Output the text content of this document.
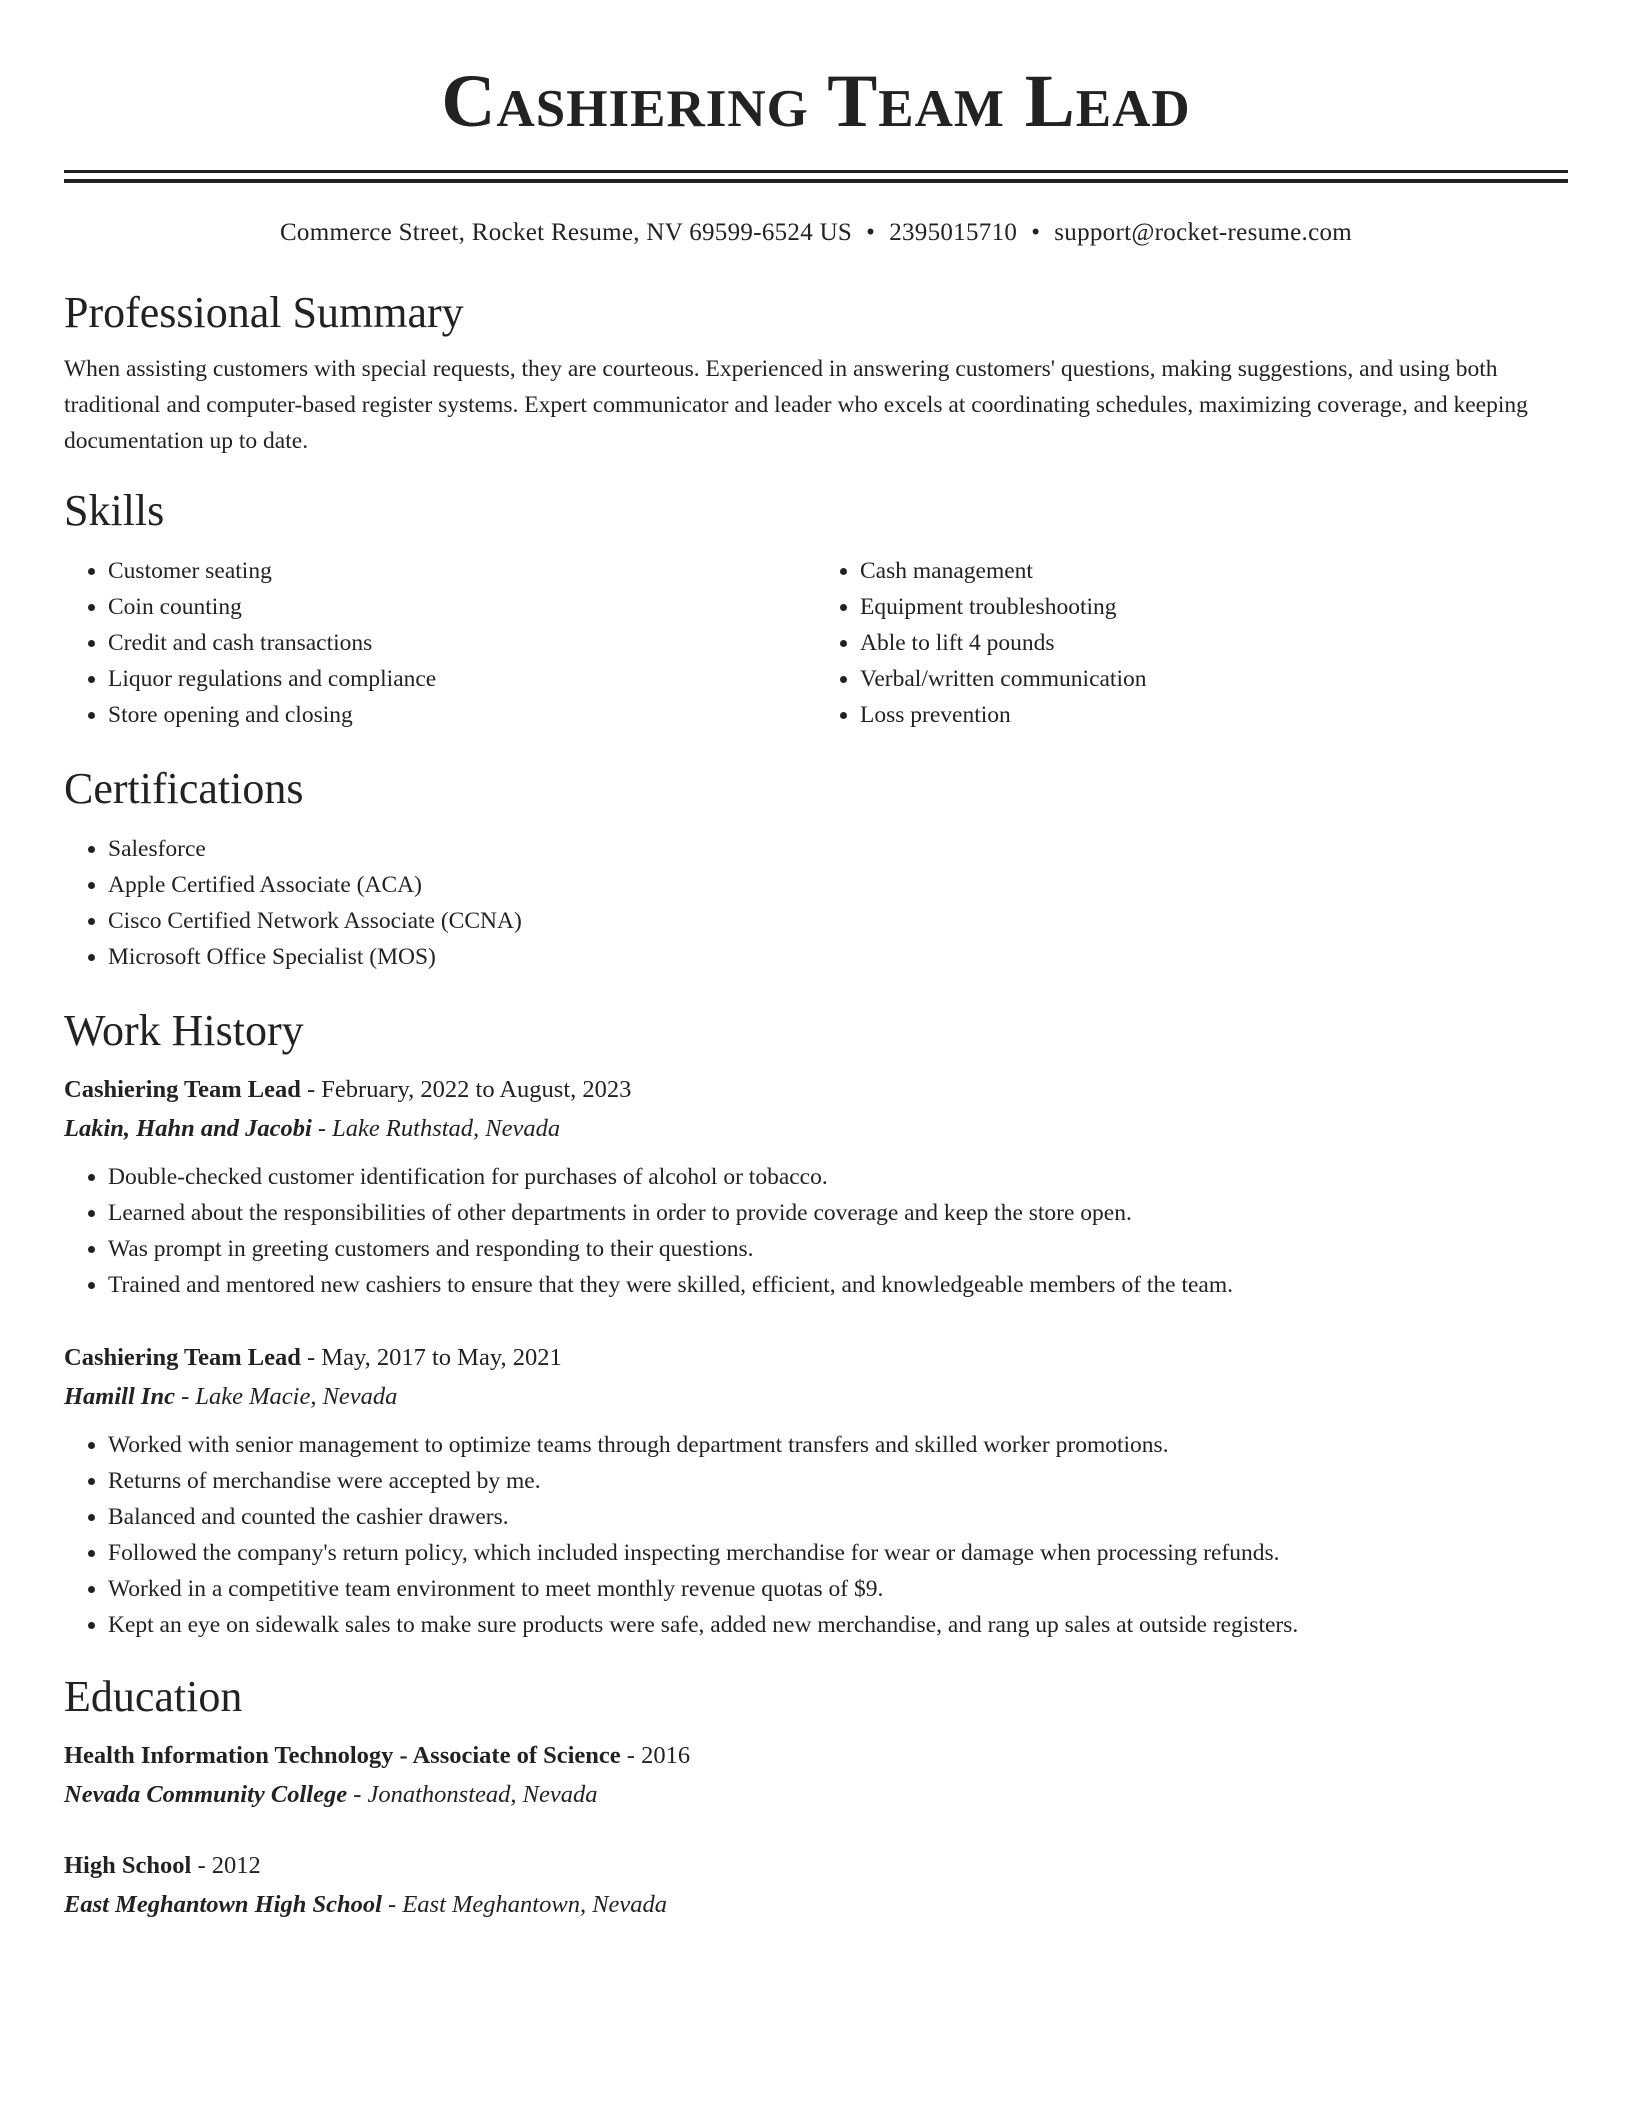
Cashiering Team Lead
Commerce Street, Rocket Resume, NV 69599-6524 US • 2395015710 • support@rocket-resume.com
Professional Summary

When assisting customers with special requests, they are courteous. Experienced in answering customers' questions, making suggestions, and using both traditional and computer-based register systems. Expert communicator and leader who excels at coordinating schedules, maximizing coverage, and keeping documentation up to date.

Skills
• Customer seating
• Coin counting
• Credit and cash transactions
• Liquor regulations and compliance
• Store opening and closing
• Cash management
• Equipment troubleshooting
• Able to lift 4 pounds
• Verbal/written communication
• Loss prevention
Certifications
• Salesforce
• Apple Certified Associate (ACA)
• Cisco Certified Network Associate (CCNA)
• Microsoft Office Specialist (MOS)
Work History
Cashiering Team Lead - February, 2022 to August, 2023
Lakin, Hahn and Jacobi - Lake Ruthstad, Nevada
• Double-checked customer identification for purchases of alcohol or tobacco.
• Learned about the responsibilities of other departments in order to provide coverage and keep the store open.
• Was prompt in greeting customers and responding to their questions.
• Trained and mentored new cashiers to ensure that they were skilled, efficient, and knowledgeable members of the team.
Cashiering Team Lead - May, 2017 to May, 2021
Hamill Inc - Lake Macie, Nevada
• Worked with senior management to optimize teams through department transfers and skilled worker promotions.
• Returns of merchandise were accepted by me.
• Balanced and counted the cashier drawers.
• Followed the company's return policy, which included inspecting merchandise for wear or damage when processing refunds.
• Worked in a competitive team environment to meet monthly revenue quotas of $9.
• Kept an eye on sidewalk sales to make sure products were safe, added new merchandise, and rang up sales at outside registers.
Education
Health Information Technology - Associate of Science - 2016
Nevada Community College - Jonathonstead, Nevada
High School - 2012
East Meghantown High School - East Meghantown, Nevada
